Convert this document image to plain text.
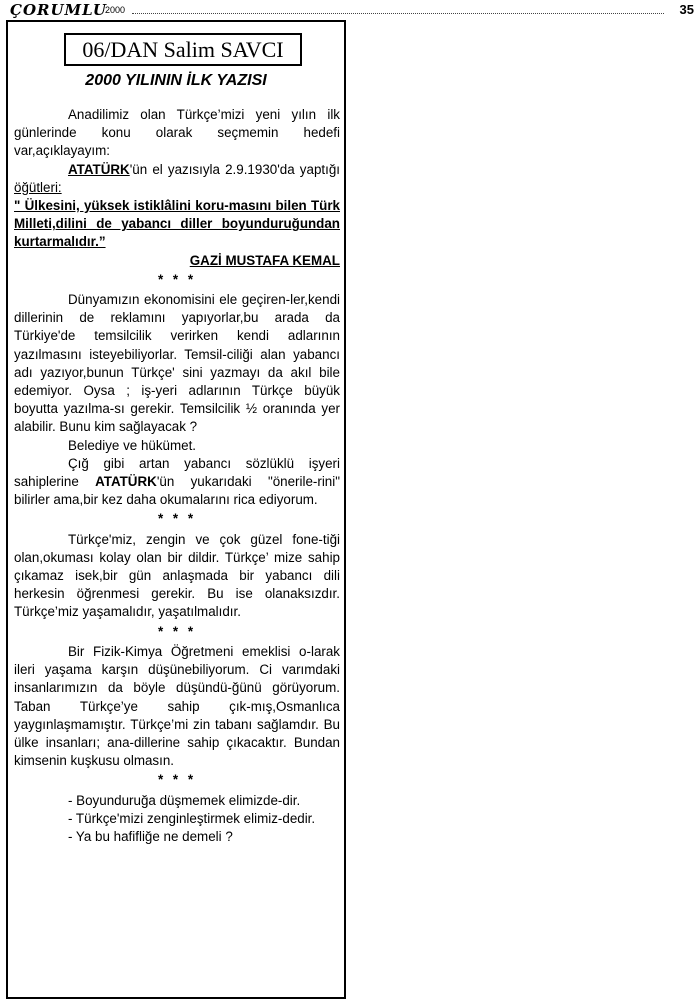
ÇORUMLU
2000	35
06/DAN Salim SAVCI
2000 YILININ İLK YAZISI

Anadilimiz olan Türkçe’mizi yeni yılın ilk günlerinde konu olarak seçmemin hedefi var,açıklayayım:

ATATÜRK'ün el yazısıyla 2.9.1930'da yaptığı öğütleri:

" Ülkesini, yüksek istiklâlini koru-masını bilen Türk Milleti,dilini de yabancı diller boyunduruğundan kurtarmalıdır.”

GAZİ MUSTAFA KEMAL

* * *

Dünyamızın ekonomisini ele geçiren-ler,kendi dillerinin de reklamını yapıyorlar,bu arada da Türkiye'de temsilcilik verirken kendi adlarının yazılmasını isteyebiliyorlar. Temsil-ciliği alan yabancı adı yazıyor,bunun Türkçe' sini yazmayı da akıl bile edemiyor. Oysa ; iş-yeri adlarının Türkçe büyük boyutta yazılma-sı gerekir. Temsilcilik ½ oranında yer alabilir. Bunu kim sağlayacak ?

Belediye ve hükümet.

Çığ gibi artan yabancı sözlüklü işyeri sahiplerine ATATÜRK'ün yukarıdaki "önerile-rini" bilirler ama,bir kez daha okumalarını rica ediyorum.

* * *

Türkçe'miz, zengin ve çok güzel fone-tiği olan,okuması kolay olan bir dildir. Türkçe’ mize sahip çıkamaz isek,bir gün anlaşmada bir yabancı dili herkesin öğrenmesi gerekir. Bu ise olanaksızdır. Türkçe’miz yaşamalıdır, yaşatılmalıdır.

* * *

Bir Fizik-Kimya Öğretmeni emeklisi o-larak ileri yaşama karşın düşünebiliyorum. Ci varımdaki insanlarımızın da böyle düşündü-ğünü görüyorum. Taban Türkçe’ye sahip çık-mış,Osmanlıca yaygınlaşmamıştır. Türkçe’mi zin tabanı sağlamdır. Bu ülke insanları; ana-dillerine sahip çıkacaktır. Bundan kimsenin kuşkusu olmasın.

* * *

- Boyunduruğa düşmemek elimizde-dir.

- Türkçe'mizi zenginleştirmek elimiz-dedir.

- Ya bu hafifliğe ne demeli ?
